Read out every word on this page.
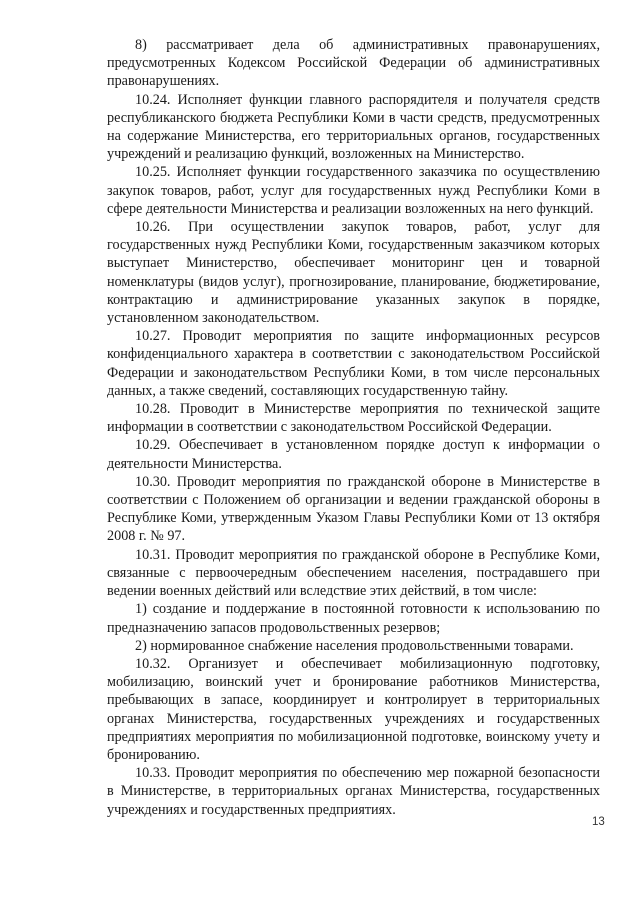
8) рассматривает дела об административных правонарушениях, предусмотренных Кодексом Российской Федерации об административных правонарушениях.

10.24. Исполняет функции главного распорядителя и получателя средств республиканского бюджета Республики Коми в части средств, предусмотренных на содержание Министерства, его территориальных органов, государственных учреждений и реализацию функций, возложенных на Министерство.

10.25. Исполняет функции государственного заказчика по осуществлению закупок товаров, работ, услуг для государственных нужд Республики Коми в сфере деятельности Министерства и реализации возложенных на него функций.

10.26. При осуществлении закупок товаров, работ, услуг для государственных нужд Республики Коми, государственным заказчиком которых выступает Министерство, обеспечивает мониторинг цен и товарной номенклатуры (видов услуг), прогнозирование, планирование, бюджетирование, контрактацию и администрирование указанных закупок в порядке, установленном законодательством.

10.27. Проводит мероприятия по защите информационных ресурсов конфиденциального характера в соответствии с законодательством Российской Федерации и законодательством Республики Коми, в том числе персональных данных, а также сведений, составляющих государственную тайну.

10.28. Проводит в Министерстве мероприятия по технической защите информации в соответствии с законодательством Российской Федерации.

10.29. Обеспечивает в установленном порядке доступ к информации о деятельности Министерства.

10.30. Проводит мероприятия по гражданской обороне в Министерстве в соответствии с Положением об организации и ведении гражданской обороны в Республике Коми, утвержденным Указом Главы Республики Коми от 13 октября 2008 г. № 97.

10.31. Проводит мероприятия по гражданской обороне в Республике Коми, связанные с первоочередным обеспечением населения, пострадавшего при ведении военных действий или вследствие этих действий, в том числе:

1) создание и поддержание в постоянной готовности к использованию по предназначению запасов продовольственных резервов;

2) нормированное снабжение населения продовольственными товарами.

10.32. Организует и обеспечивает мобилизационную подготовку, мобилизацию, воинский учет и бронирование работников Министерства, пребывающих в запасе, координирует и контролирует в территориальных органах Министерства, государственных учреждениях и государственных предприятиях мероприятия по мобилизационной подготовке, воинскому учету и бронированию.

10.33. Проводит мероприятия по обеспечению мер пожарной безопасности в Министерстве, в территориальных органах Министерства, государственных учреждениях и государственных предприятиях.

13
